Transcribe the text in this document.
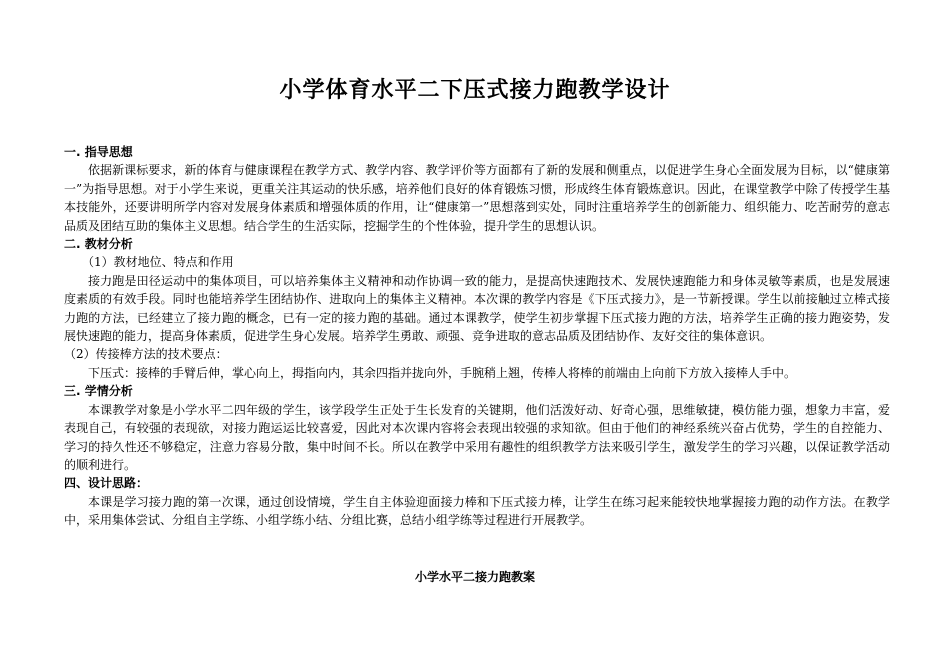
小学体育水平二下压式接力跑教学设计
一. 指导思想

依据新课标要求，新的体育与健康课程在教学方式、教学内容、教学评价等方面都有了新的发展和侧重点，以促进学生身心全面发展为目标，以“健康第一”为指导思想。对于小学生来说，更重关注其运动的快乐感，培养他们良好的体育锻炼习惯，形成终生体育锻炼意识。因此，在课堂教学中除了传授学生基本技能外，还要讲明所学内容对发展身体素质和增强体质的作用，让“健康第一”思想落到实处，同时注重培养学生的创新能力、组织能力、吃苦耐劳的意志品质及团结互助的集体主义思想。结合学生的生活实际，挖掘学生的个性体验，提升学生的思想认识。

二. 教材分析

（1）教材地位、特点和作用

接力跑是田径运动中的集体项目，可以培养集体主义精神和动作协调一致的能力，是提高快速跑技术、发展快速跑能力和身体灵敏等素质，也是发展速度素质的有效手段。同时也能培养学生团结协作、进取向上的集体主义精神。本次课的教学内容是《下压式接力》，是一节新授课。学生以前接触过立棒式接力跑的方法，已经建立了接力跑的概念，已有一定的接力跑的基础。通过本课教学，使学生初步掌握下压式接力跑的方法，培养学生正确的接力跑姿势，发展快速跑的能力，提高身体素质，促进学生身心发展。培养学生勇敢、顽强、竞争进取的意志品质及团结协作、友好交往的集体意识。

（2）传接棒方法的技术要点：

下压式：接棒的手臂后伸，掌心向上，拇指向内，其余四指并拢向外，手腕稍上翘，传棒人将棒的前端由上向前下方放入接棒人手中。

三. 学情分析

本课教学对象是小学水平二四年级的学生，该学段学生正处于生长发育的关键期，他们活泼好动、好奇心强，思维敏捷，模仿能力强，想象力丰富，爱表现自己，有较强的表现欲，对接力跑运运比较喜爱，因此对本次课内容将会表现出较强的求知欲。但由于他们的神经系统兴奋占优势，学生的自控能力、学习的持久性还不够稳定，注意力容易分散，集中时间不长。所以在教学中采用有趣性的组织教学方法来吸引学生，激发学生的学习兴趣，以保证教学活动的顺利进行。

四、设计思路：

本课是学习接力跑的第一次课，通过创设情境，学生自主体验迎面接力棒和下压式接力棒，让学生在练习起来能较快地掌握接力跑的动作方法。在教学中，采用集体尝试、分组自主学练、小组学练小结、分组比赛，总结小组学练等过程进行开展教学。

小学水平二接力跑教案
